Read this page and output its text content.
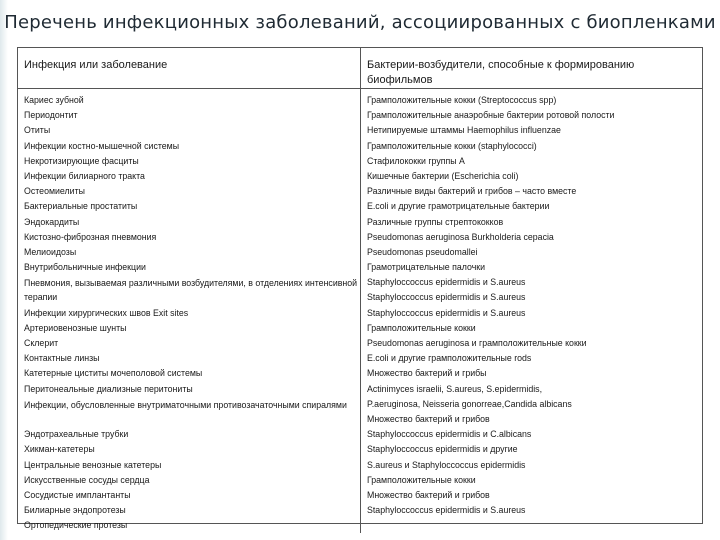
Перечень инфекционных заболеваний, ассоциированных с биопленками
Инфекция или заболевание	Бактерии-возбудители, способные к формированию биофильмов
Кариес зубной
Периодонтит
Отиты
Инфекции костно-мышечной системы
Некротизирующие фасциты
Инфекции билиарного тракта
Остеомиелиты
Бактериальные простатиты
Эндокардиты
Кистозно-фиброзная пневмония
Мелиоидозы
Внутрибольничные инфекции
Пневмония, вызываемая различными возбудителями, в отделениях интенсивной терапии
Инфекции хирургических швов Exit sites
Артериовенозные шунты
Склерит
Контактные линзы
Катетерные циститы мочеполовой системы
Перитонеальные диализные перитониты
Инфекции, обусловленные внутриматочными противозачаточными спиралями
Эндотрахеальные трубки
Хикман-катетеры
Центральные венозные катетеры
Искусственные сосуды сердца
Сосудистые имплантанты
Билиарные эндопротезы
Ортопедические протезы
Грамположительные кокки (Streptococcus spp)
Грамположительные анаэробные бактерии ротовой полости
Нетипируемые штаммы Haemophilus influenzae
Грамположительные кокки (staphylococci)
Стафилококки группы А
Кишечные бактерии (Escherichia coli)
Различные виды бактерий и грибов – часто вместе
E.coli и другие грамотрицательные бактерии
Различные группы стрептококков
Pseudomonas aeruginosa Burkholderia cepacia
Pseudomonas pseudomallei
Грамотрицательные палочки
Staphyloccoccus epidermidis и S.aureus
Staphyloccoccus epidermidis и S.aureus
Staphyloccoccus epidermidis и S.aureus
Грамположительные кокки
Pseudomonas aeruginosa и грамположительные кокки
E.coli и другие грамположительные rods
Множество бактерий и грибы
Actinimyces israelii, S.aureus, S.epidermidis,
P.aeruginosa, Neisseria gonorreae,Candida albicans
Множество бактерий и грибов
Staphyloccoccus epidermidis и C.albicans
Staphyloccoccus epidermidis и другие
S.aureus и Staphyloccoccus epidermidis
Грамположительные кокки
Множество бактерий и грибов
Staphyloccoccus epidermidis и S.aureus
